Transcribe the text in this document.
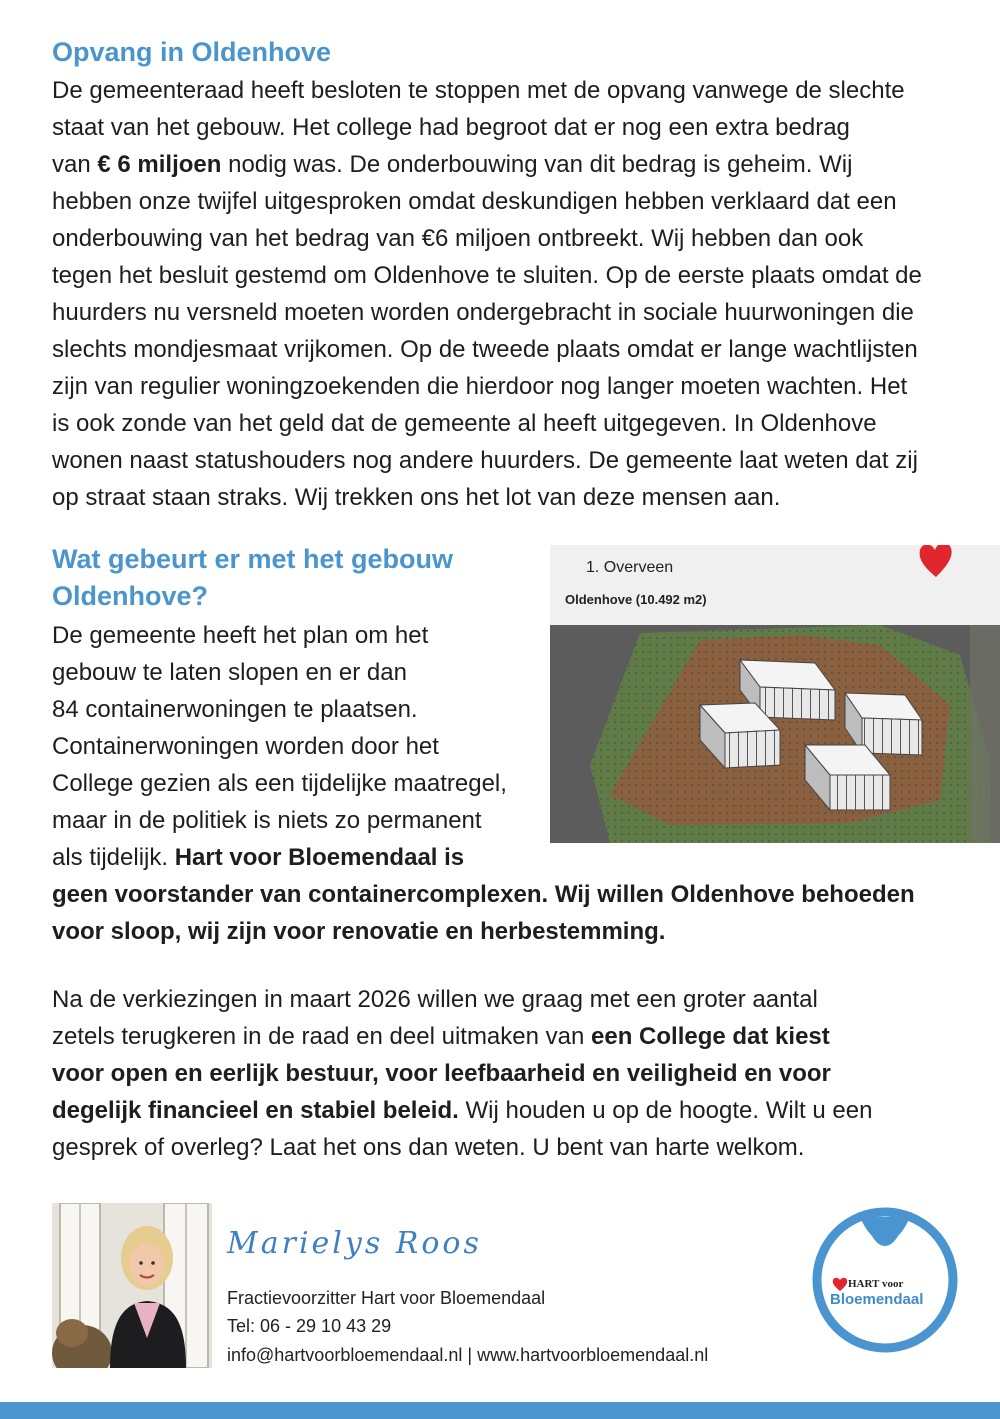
Opvang in Oldenhove
De gemeenteraad heeft besloten te stoppen met de opvang vanwege de slechte
staat van het gebouw. Het college had begroot dat er nog een extra bedrag
van € 6 miljoen nodig was. De onderbouwing van dit bedrag is geheim. Wij
hebben onze twijfel uitgesproken omdat deskundigen hebben verklaard dat een
onderbouwing van het bedrag van €6 miljoen ontbreekt. Wij hebben dan ook
tegen het besluit gestemd om Oldenhove te sluiten. Op de eerste plaats omdat de
huurders nu versneld moeten worden ondergebracht in sociale huurwoningen die
slechts mondjesmaat vrijkomen. Op de tweede plaats omdat er lange wachtlijsten
zijn van regulier woningzoekenden die hierdoor nog langer moeten wachten. Het
is ook zonde van het geld dat de gemeente al heeft uitgegeven. In Oldenhove
wonen naast statushouders nog andere huurders. De gemeente laat weten dat zij
op straat staan straks. Wij trekken ons het lot van deze mensen aan.
Wat gebeurt er met het gebouw
Oldenhove?
De gemeente heeft het plan om het
gebouw te laten slopen en er dan
84 containerwoningen te plaatsen.
Containerwoningen worden door het
College gezien als een tijdelijke maatregel,
maar in de politiek is niets zo permanent
als tijdelijk. Hart voor Bloemendaal is
geen voorstander van containercomplexen. Wij willen Oldenhove behoeden
voor sloop, wij zijn voor renovatie en herbestemming.
1. Overveen
Oldenhove (10.492 m2)
Na de verkiezingen in maart 2026 willen we graag met een groter aantal
zetels terugkeren in de raad en deel uitmaken van een College dat kiest
voor open en eerlijk bestuur, voor leefbaarheid en veiligheid en voor
degelijk financieel en stabiel beleid. Wij houden u op de hoogte. Wilt u een
gesprek of overleg? Laat het ons dan weten. U bent van harte welkom.
Marielys Roos
Fractievoorzitter Hart voor Bloemendaal
Tel: 06 - 29 10 43 29
info@hartvoorbloemendaal.nl | www.hartvoorbloemendaal.nl
HART voor
Bloemendaal
